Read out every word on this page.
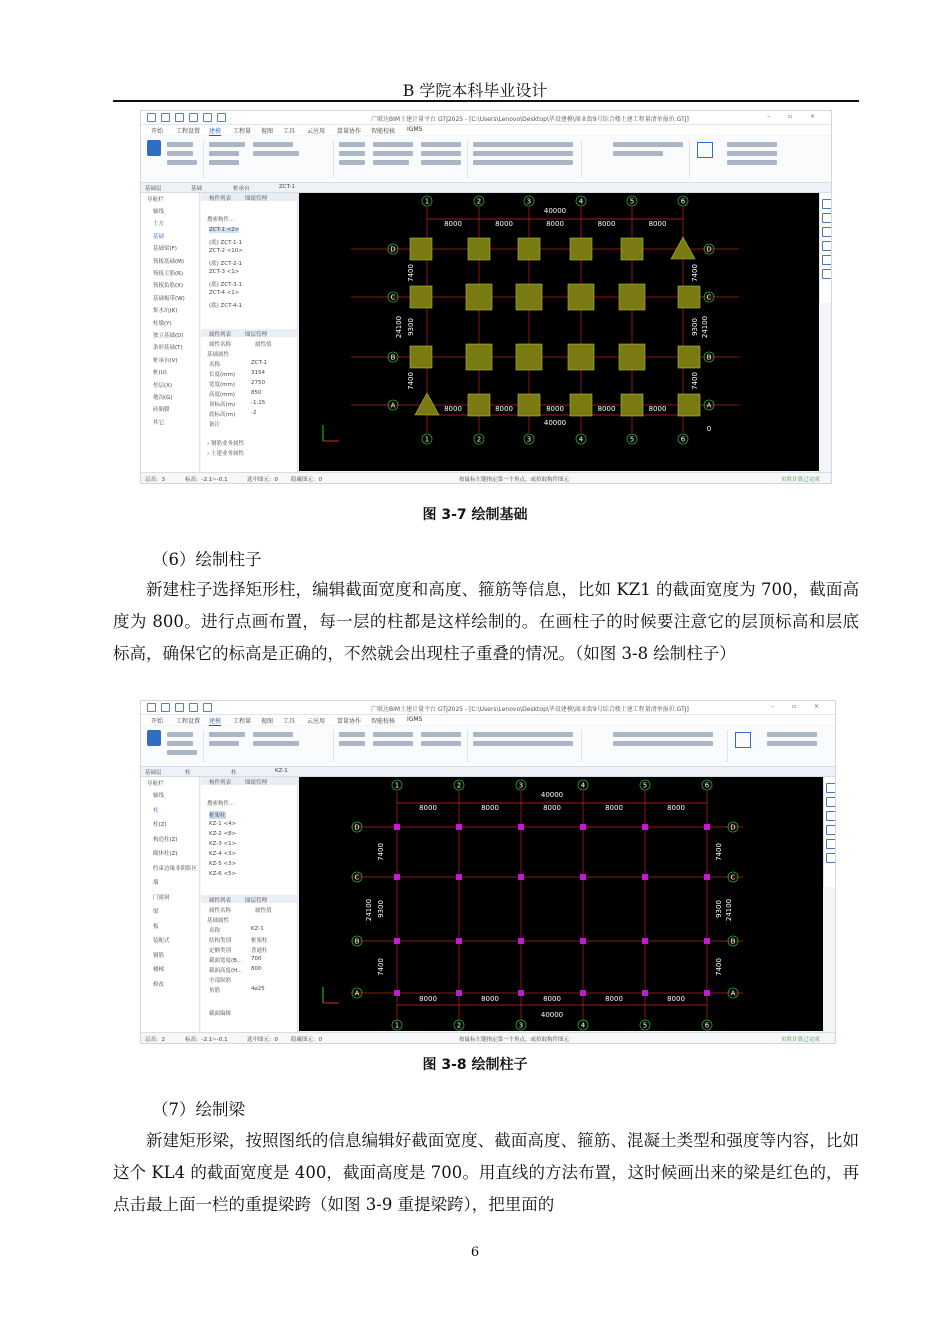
B 学院本科毕业设计
广联达BIM土建计量平台 GTJ2025 - [C:\Users\Lenovo\Desktop\毕设建模\商业街9号综合楼土建工程量清单报价.GTJ]	– ▫ ×
开始 工程设置 建模 工程量 视图 工具 云应用 算量协作 智能校核 IGMS
基础层	基础	桩承台	ZCT-1
导航栏
轴线
土方
基础
基础梁(F)
筏板基础(M)
筏板主筋(R)
筏板负筋(X)
基础板带(W)
集水坑(K)
柱墩(Y)
独立基础(D)
条形基础(T)
桩承台(V)
桩(U)
垫层(X)
地沟(G)
砖胎膜
其它
构件列表	图纸管理
搜索构件...
ZCT-1 <2>
(底) ZCT-1-1
ZCT-2 <10>
(底) ZCT-2-1
ZCT-3 <1>
(底) ZCT-3-1
ZCT-4 <1>
(底) ZCT-4-1
属性列表	图层管理
属性名称	属性值
基础属性
名称	ZCT-1
长度(mm)	3154
宽度(mm)	2750
高度(mm)	850
顶标高(m)	-1.15
底标高(m)	-2
备注
› 钢筋业务属性
› 土建业务属性
40000
40000
8000
8000
8000
8000
8000
8000
8000
8000
8000
8000
1
1
2
2
3
3
4
4
5
5
6
6
D	D
C	C
B	B
A	A
7400	7400
9300	9300
7400	7400
24100	24100
0
层高：3	标高：-2.1~-0.1	选中图元：0 隐藏图元：0	按鼠标左键指定第一个角点，或拾取构件图元	实时计算已完成
图 3-7 绘制基础
（6）绘制柱子
新建柱子选择矩形柱，编辑截面宽度和高度、箍筋等信息，比如 KZ1 的截面宽度为 700，截面高度为 800。进行点画布置，每一层的柱都是这样绘制的。在画柱子的时候要注意它的层顶标高和层底标高，确保它的标高是正确的，不然就会出现柱子重叠的情况。（如图 3-8 绘制柱子）
广联达BIM土建计量平台 GTJ2025 - [C:\Users\Lenovo\Desktop\毕设建模\商业街9号综合楼土建工程量清单报价.GTJ]	– ▫ ×
开始 工程设置 建模 工程量 视图 工具 云应用 算量协作 智能校核 IGMS
基础层	柱	柱	KZ-1
导航栏
轴线
柱
柱(Z)
构造柱(Z)
砌体柱(Z)
约束边缘非阴影区
墙
门窗洞
梁
板
装配式
钢筋
楼梯
修改
构件列表	图纸管理
搜索构件...
框架柱
KZ-1 <4>
KZ-2 <8>
KZ-3 <1>
KZ-4 <3>
KZ-5 <3>
KZ-6 <5>
属性列表	图层管理
属性名称	属性值
基础属性
名称	KZ-1
结构类别	框架柱
定额类别	普通柱
截面宽度(B... 700
截面高度(H... 800
全部纵筋
角筋	4⌀25
截面编辑
40000
40000
8000
8000
8000
8000
8000
8000
8000
8000
8000
8000
1
1
2
2
3
3
4
4
5
5
6
6
D	D
C	C
B	B
A	A
7400	7400
9300	9300
7400	7400
24100	24100
层高：2	标高：-2.1~-0.1	选中图元：0 隐藏图元：0	按鼠标左键指定第一个角点，或拾取构件图元	实时计算已完成
图 3-8 绘制柱子
（7）绘制梁
新建矩形梁，按照图纸的信息编辑好截面宽度、截面高度、箍筋、混凝土类型和强度等内容，比如这个 KL4 的截面宽度是 400，截面高度是 700。用直线的方法布置，这时候画出来的梁是红色的，再点击最上面一栏的重提梁跨（如图 3-9 重提梁跨），把里面的
6
